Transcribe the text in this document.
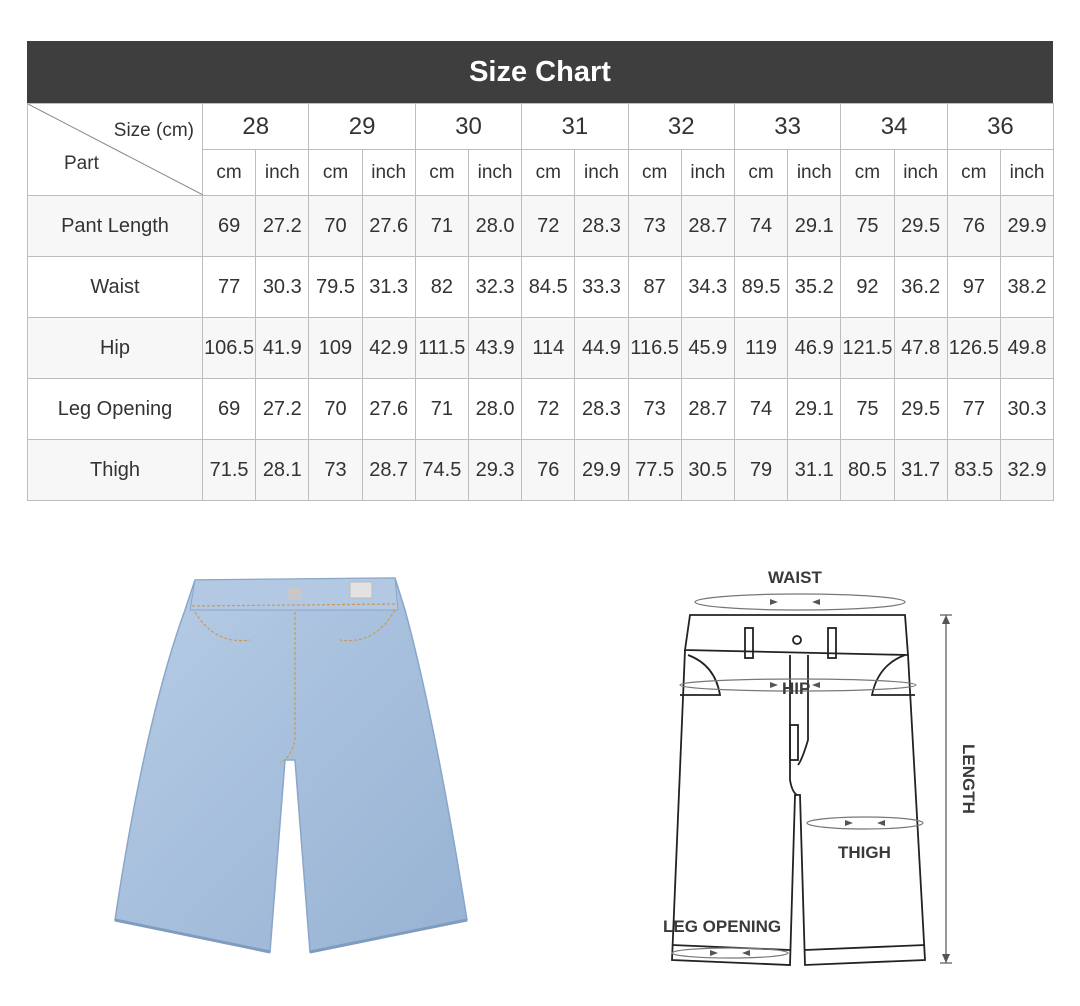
Size Chart
Size (cm)
Part	28		29		30		31		32		33		34		36	
	cm	inch	cm	inch	cm	inch	cm	inch	cm	inch	cm	inch	cm	inch	cm	inch
Pant Length	69	27.2	70	27.6	71	28.0	72	28.3	73	28.7	74	29.1	75	29.5	76	29.9
Waist	77	30.3	79.5	31.3	82	32.3	84.5	33.3	87	34.3	89.5	35.2	92	36.2	97	38.2
Hip	106.5	41.9	109	42.9	111.5	43.9	114	44.9	116.5	45.9	119	46.9	121.5	47.8	126.5	49.8
Leg Opening	69	27.2	70	27.6	71	28.0	72	28.3	73	28.7	74	29.1	75	29.5	77	30.3
Thigh	71.5	28.1	73	28.7	74.5	29.3	76	29.9	77.5	30.5	79	31.1	80.5	31.7	83.5	32.9
WAIST
HIP
LENGTH
THIGH
LEG OPENING
